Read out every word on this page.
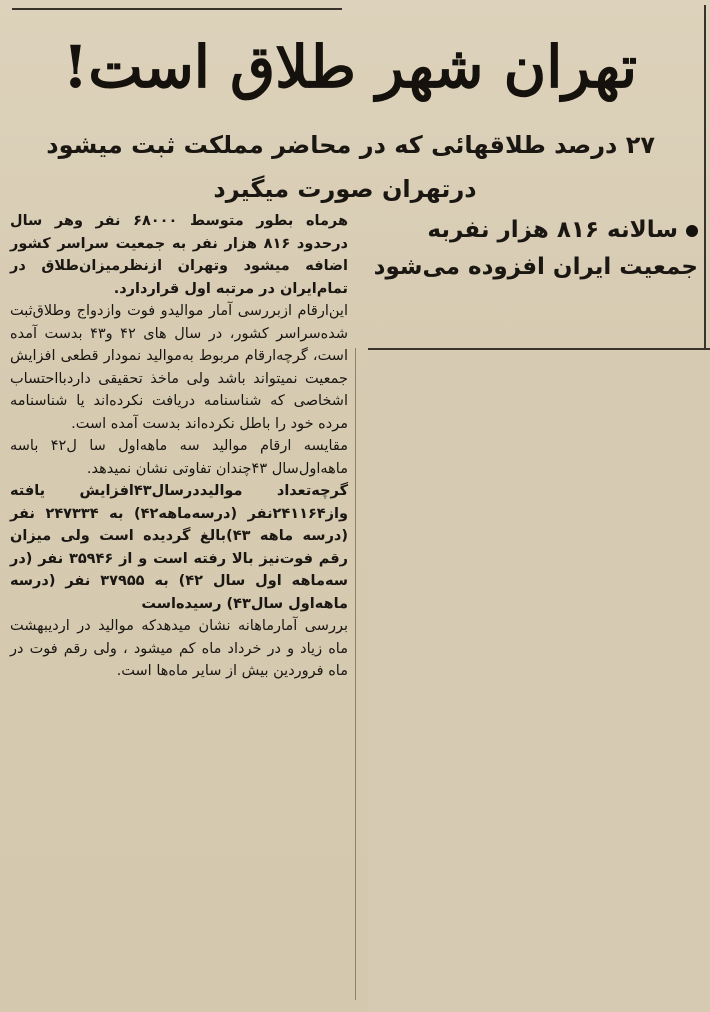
تهران شهر طلاق است!
۲۷ درصد طلاقهائی که در محاضر مملکت ثبت میشود
درتهران صورت میگیرد
سالانه ۸۱۶ هزار نفربه جمعیت ایران افزوده می‌شود

هرماه بطور متوسط ۶۸۰۰۰ نفر وهر سال درحدود ۸۱۶ هزار نفر به جمعیت سراسر کشور اضافه میشود وتهران ازنظرمیزان‌طلاق در تمام‌ایران در مرتبه اول قراردارد.

این‌ارقام ازبررسی آمار موالیدو فوت وازدواج وطلاق‌ثبت شده‌سراسر کشور، در سال های ۴۲ و۴۳ بدست آمده است، گرچه‌ارقام مربوط به‌موالید نمودار قطعی افزایش جمعیت نمیتواند باشد ولی ماخذ تحقیقی داردبااحتساب اشخاصی که شناسنامه دریافت نکرده‌اند یا شناسنامه مرده خود را باطل نکرده‌اند بدست آمده است.

مقایسه ارقام موالید سه ماهه‌اول سا ل۴۲ باسه ماهه‌اول‌سال ۴۳چندان تفاوتی نشان نمیدهد.

گرچه‌تعداد موالیددرسال۴۳افزایش یافته واز۲۴۱۱۶۴نفر (درسه‌ماهه۴۲) به ۲۴۷۳۳۴ نفر (درسه ماهه ۴۳)بالغ گردیده است ولی میزان رقم فوت‌نیز بالا رفته است و از ۳۵۹۴۶ نفر (در سه‌ماهه اول سال ۴۲) به ۳۷۹۵۵ نفر (درسه ماهه‌اول سال۴۳) رسیده‌است

بررسی آمارماهانه نشان میدهدکه موالید در اردیبهشت ماه زیاد و در خرداد ماه کم میشود ، ولی رقم فوت در ماه فروردین بیش از سایر ماه‌ها است.
